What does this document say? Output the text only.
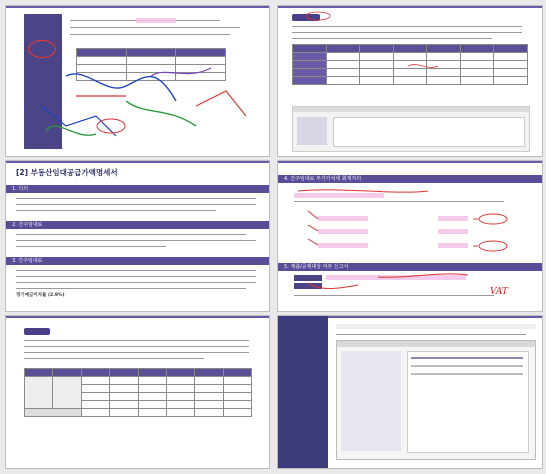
[2] 부동산임대공급가액명세서
1. 의의
2. 간주임대료
3. 간주임대료
정기예금이자율 (2.9%)
4. 간주임대료 부가가치세 회계처리
5. 제출/공제대상 여부 신고서
VAT
